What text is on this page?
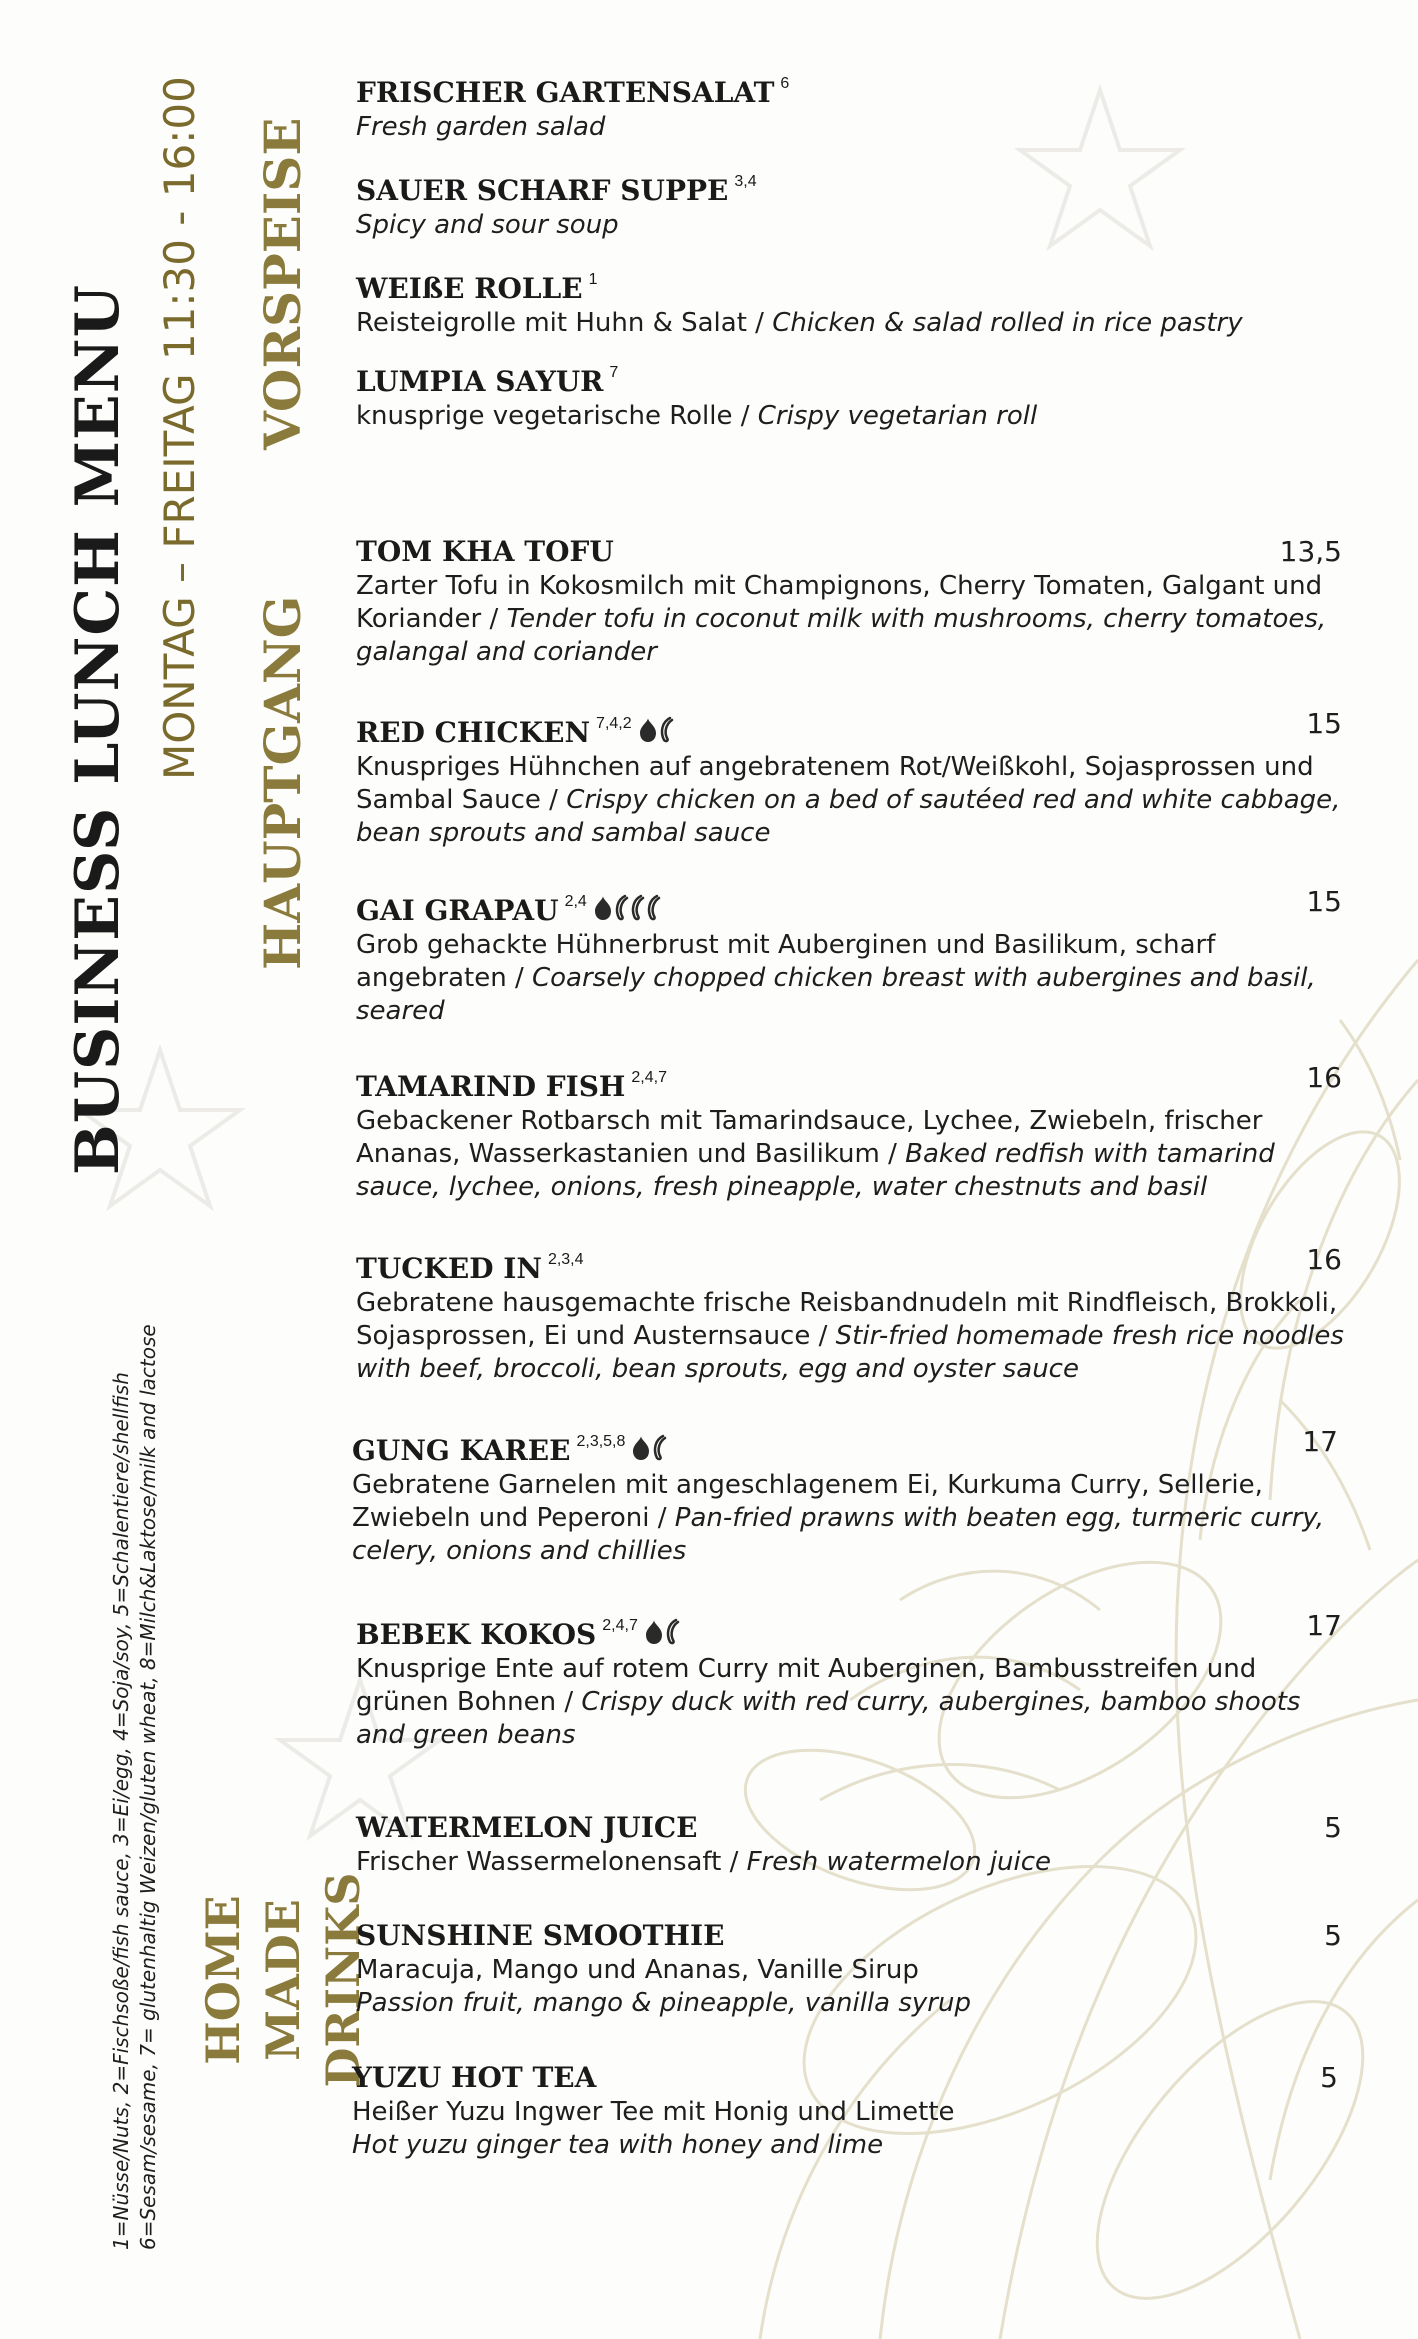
BUSINESS LUNCH MENU MONTAG – FREITAG 11:30 - 16:00 VORSPEISE
HAUPTGANG
HOME MADE DRINKS
1=Nüsse/Nuts, 2=Fischsoße/fish sauce, 3=Ei/egg, 4=Soja/soy, 5=Schalentiere/shellfish 6=Sesam/sesame, 7= glutenhaltig Weizen/gluten wheat, 8=Milch&Laktose/milk and lactose
FRISCHER GARTENSALAT $^6$
Fresh garden salad
SAUER SCHARF SUPPE $^{3,4}$
Spicy and sour soup
WEIßE ROLLE $^1$
Reisteigrolle mit Huhn & Salat / Chicken & salad rolled in rice pastry
LUMPIA SAYUR $^7$
knusprige vegetarische Rolle / Crispy vegetarian roll
TOM KHA TOFU	13,5
Zarter Tofu in Kokosmilch mit Champignons, Cherry Tomaten, Galgant und Koriander / Tender tofu in coconut milk with mushrooms, cherry tomatoes, galangal and coriander
RED CHICKEN $^{7,4,2}$	15
Knuspriges Hühnchen auf angebratenem Rot/Weißkohl, Sojasprossen und Sambal Sauce / Crispy chicken on a bed of sautéed red and white cabbage, bean sprouts and sambal sauce
GAI GRAPAU $^{2,4}$	15
Grob gehackte Hühnerbrust mit Auberginen und Basilikum, scharf angebraten / Coarsely chopped chicken breast with aubergines and basil, seared
TAMARIND FISH $^{2,4,7}$	16
Gebackener Rotbarsch mit Tamarindsauce, Lychee, Zwiebeln, frischer Ananas, Wasserkastanien und Basilikum / Baked redfish with tamarind sauce, lychee, onions, fresh pineapple, water chestnuts and basil
TUCKED IN $^{2,3,4}$	16
Gebratene hausgemachte frische Reisbandnudeln mit Rindfleisch, Brokkoli, Sojasprossen, Ei und Austernsauce / Stir-fried homemade fresh rice noodles with beef, broccoli, bean sprouts, egg and oyster sauce
GUNG KAREE $^{2,3,5,8}$	17
Gebratene Garnelen mit angeschlagenem Ei, Kurkuma Curry, Sellerie, Zwiebeln und Peperoni / Pan-fried prawns with beaten egg, turmeric curry, celery, onions and chillies
BEBEK KOKOS $^{2,4,7}$	17
Knusprige Ente auf rotem Curry mit Auberginen, Bambusstreifen und grünen Bohnen / Crispy duck with red curry, aubergines, bamboo shoots and green beans
WATERMELON JUICE	5
Frischer Wassermelonensaft / Fresh watermelon juice
SUNSHINE SMOOTHIE	5
Maracuja, Mango und Ananas, Vanille Sirup
Passion fruit, mango & pineapple, vanilla syrup
YUZU HOT TEA	5
Heißer Yuzu Ingwer Tee mit Honig und Limette
Hot yuzu ginger tea with honey and lime
